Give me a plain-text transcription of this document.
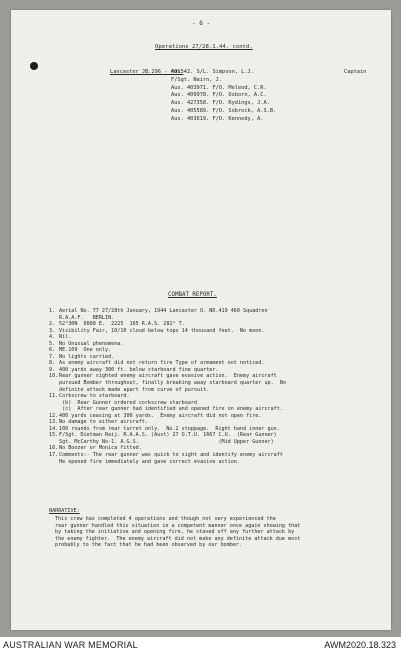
- 6 -
Operations 27/28.1.44. contd.
Lancaster JB.296 - Aus.
401542. S/L. Simpson, L.J.
F/Sgt. Nairn, J.
Aus. 403971. F/O. Meleod, C.R.
Aus. 409978. F/O. Osborn, A.C.
Aus. 427358. F/O. Rydings, J.A.
Aus. 405589. F/O. Sobrock, A.S.B.
Aus. 403619. F/O. Kennedy, A.
Captain
COMBAT REPORT.
1. Aerial No. 77 27/28th January, 1944 Lancaster O. ND.419 460 Squadron
R.A.A.F.   BERLIN.
2. 52°30N  0008 E.  2225  165 R.A.S. 281° T.
3. Visibility Fair, 10/10 cloud below tops 14 thousand feet.  No moon.
4. Nil.
5. No Unusual phenomena.
6. ME.109  One only.
7. No lights carried.
8. As enemy aircraft did not return fire Type of armament not noticed.
9. 400 yards away 300 ft. below starboard fine quarter.
10. Rear gunner sighted enemy aircraft gave evasive action.  Enemy aircraft
pursued Bomber throughout, finally breaking away starboard quarter up.  No
definite attack made apart from curve of pursuit.
11. Corkscrew to starboard.
(b)  Rear Gunner ordered corkscrew starboard
(c)  After rear gunner had identified and opened fire on enemy aircraft.
12. 400 yards ceasing at 300 yards.  Enemy aircraft did not open fire.
13. No damage to either aircraft.
14. 100 rounds from rear turret only.  No.2 stoppage.  Right hand inner gun.
15. F/Sgt. Dietman Reij. R.A.A.S. (Aust) 27 O.T.U. 1667 C.U.  (Rear Gunner)
Sgt. McCarthy No-1. A.G.S.                          (Mid Upper Gunner)
16. No Boozer or Monica fitted.
17. Comments:- The rear gunner was quick to sight and identify enemy aircraft
He opened fire immediately and gave correct evasive action.
NARRATIVE:
This crew has completed 4 operations and though not very experienced the
rear gunner handled this situation in a competent manner once again showing that
by taking the initiative and opening fire, he staved off any further attack by
the enemy fighter.  The enemy aircraft did not make any definite attack due most
probably to the fact that he had been observed by our bomber.
AUSTRALIAN WAR MEMORIAL	AWM2020.18.323
